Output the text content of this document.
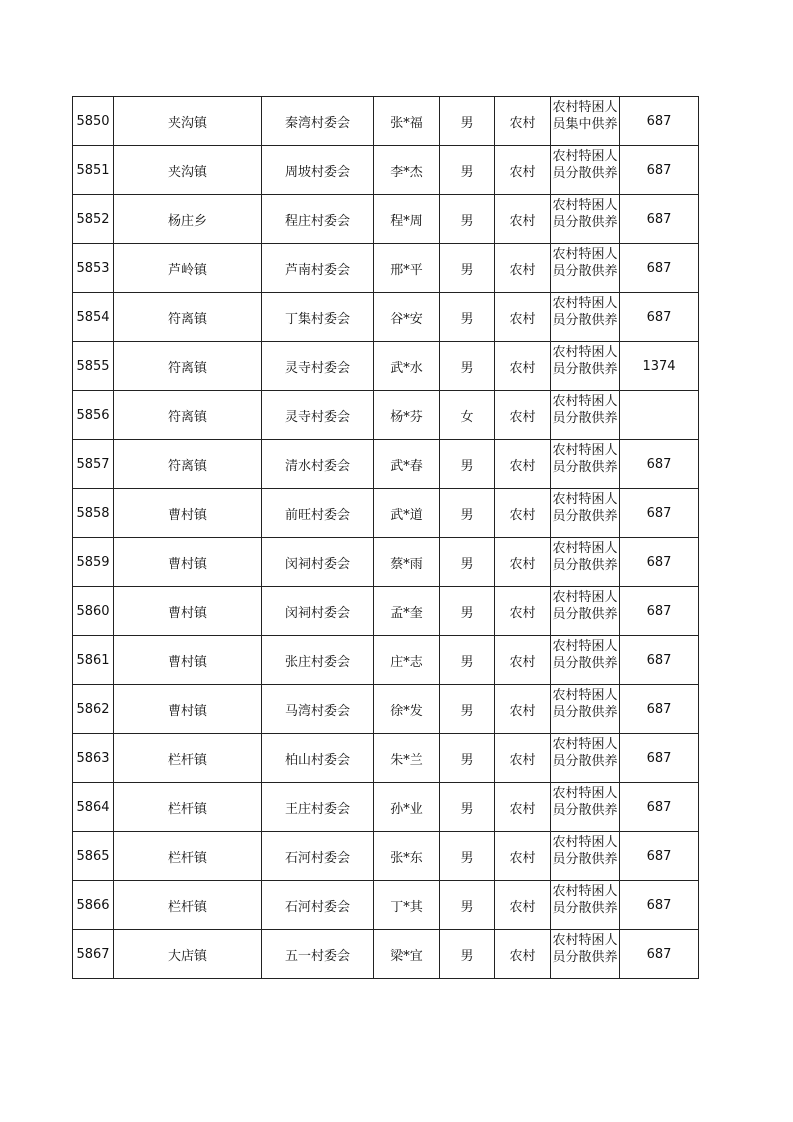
5850	夹沟镇	秦湾村委会	张*福	男	农村	农村特困人员集中供养	687
5851	夹沟镇	周坡村委会	李*杰	男	农村	农村特困人员分散供养	687
5852	杨庄乡	程庄村委会	程*周	男	农村	农村特困人员分散供养	687
5853	芦岭镇	芦南村委会	邢*平	男	农村	农村特困人员分散供养	687
5854	符离镇	丁集村委会	谷*安	男	农村	农村特困人员分散供养	687
5855	符离镇	灵寺村委会	武*水	男	农村	农村特困人员分散供养	1374
5856	符离镇	灵寺村委会	杨*芬	女	农村	农村特困人员分散供养	

5857	符离镇	清水村委会	武*春	男	农村	农村特困人员分散供养	687
5858	曹村镇	前旺村委会	武*道	男	农村	农村特困人员分散供养	687
5859	曹村镇	闵祠村委会	蔡*雨	男	农村	农村特困人员分散供养	687
5860	曹村镇	闵祠村委会	孟*奎	男	农村	农村特困人员分散供养	687
5861	曹村镇	张庄村委会	庄*志	男	农村	农村特困人员分散供养	687
5862	曹村镇	马湾村委会	徐*发	男	农村	农村特困人员分散供养	687
5863	栏杆镇	柏山村委会	朱*兰	男	农村	农村特困人员分散供养	687
5864	栏杆镇	王庄村委会	孙*业	男	农村	农村特困人员分散供养	687
5865	栏杆镇	石河村委会	张*东	男	农村	农村特困人员分散供养	687
5866	栏杆镇	石河村委会	丁*其	男	农村	农村特困人员分散供养	687
5867	大店镇	五一村委会	梁*宜	男	农村	农村特困人员分散供养	687
